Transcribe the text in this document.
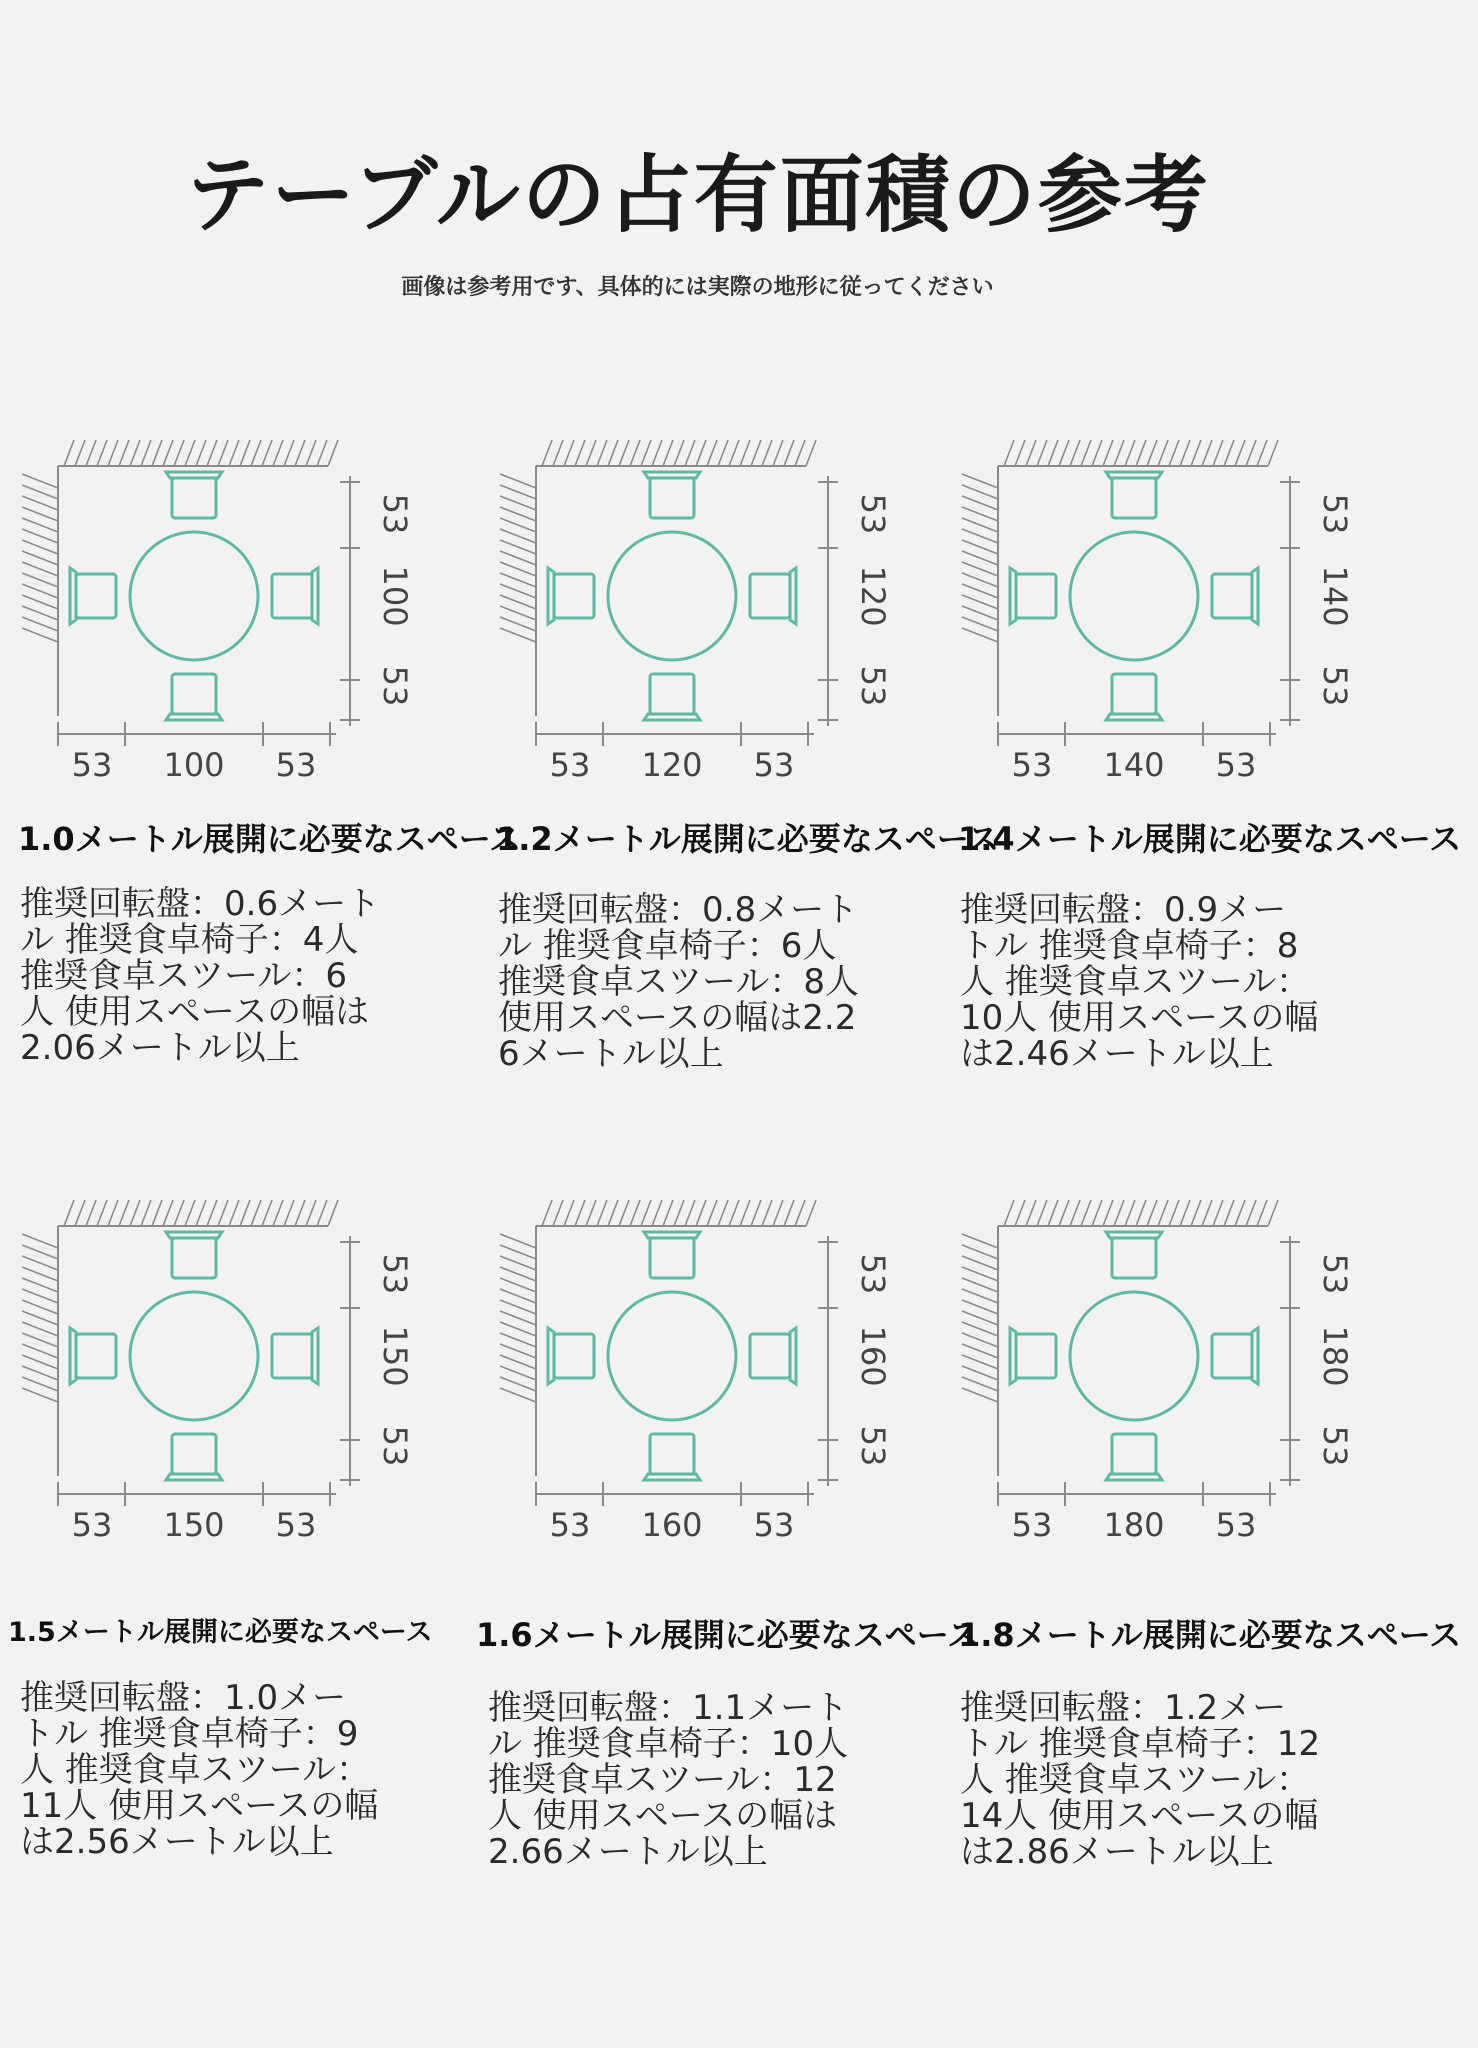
テーブルの占有面積の参考
画像は参考用です、具体的には実際の地形に従ってください
53 100 53
53
100
53
1.0メートル展開に必要なスペース
推奨回転盤：0.6メート
ル 推奨食卓椅子：4人
推奨食卓スツール：6
人 使用スペースの幅は
2.06メートル以上
53 120 53
53
120
53
1.2メートル展開に必要なスペース
推奨回転盤：0.8メート
ル 推奨食卓椅子：6人
推奨食卓スツール：8人
使用スペースの幅は2.2
6メートル以上
53 140 53
53
140
53
1.4メートル展開に必要なスペース
推奨回転盤：0.9メー
トル 推奨食卓椅子：8
人 推奨食卓スツール：
10人 使用スペースの幅
は2.46メートル以上
53 150 53
53
150
53
1.5メートル展開に必要なスペース
推奨回転盤：1.0メー
トル 推奨食卓椅子：9
人 推奨食卓スツール：
11人 使用スペースの幅
は2.56メートル以上
53 160 53
53
160
53
1.6メートル展開に必要なスペース
推奨回転盤：1.1メート
ル 推奨食卓椅子：10人
推奨食卓スツール：12
人 使用スペースの幅は
2.66メートル以上
53 180 53
53
180
53
1.8メートル展開に必要なスペース
推奨回転盤：1.2メー
トル 推奨食卓椅子：12
人 推奨食卓スツール：
14人 使用スペースの幅
は2.86メートル以上
